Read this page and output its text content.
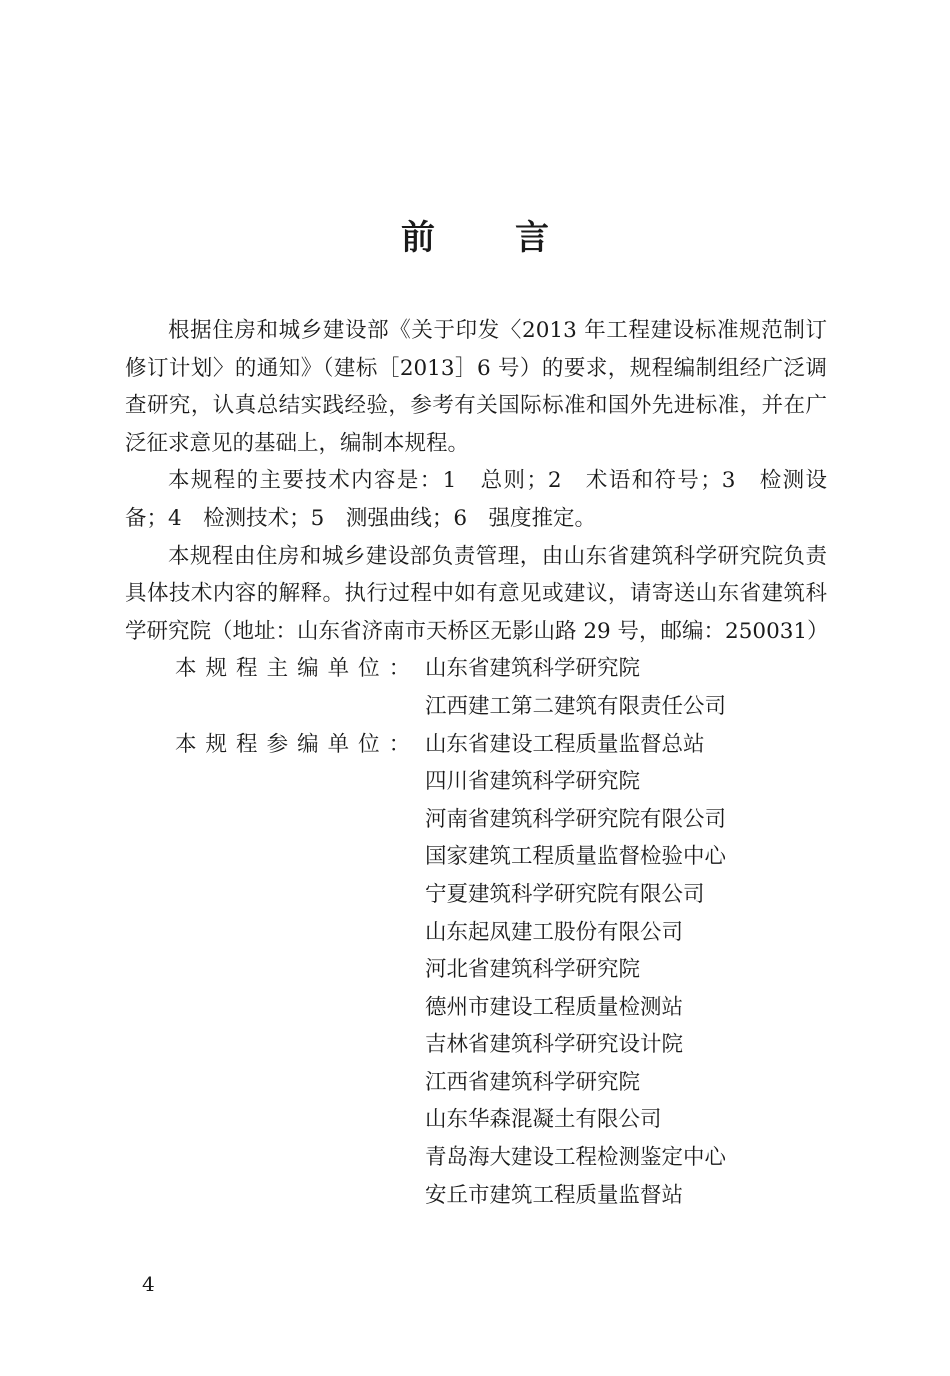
前 言

根据住房和城乡建设部《关于印发〈2013 年工程建设标准规范制订修订计划〉的通知》（建标［2013］6 号）的要求，规程编制组经广泛调查研究，认真总结实践经验，参考有关国际标准和国外先进标准，并在广泛征求意见的基础上，编制本规程。

本规程的主要技术内容是：1　总则；2　术语和符号；3　检测设备；4　检测技术；5　测强曲线；6　强度推定。

本规程由住房和城乡建设部负责管理，由山东省建筑科学研究院负责具体技术内容的解释。执行过程中如有意见或建议，请寄送山东省建筑科学研究院（地址：山东省济南市天桥区无影山路 29 号，邮编：250031）

本规程主编单位： 山东省建筑科学研究院
江西建工第二建筑有限责任公司
本规程参编单位： 山东省建设工程质量监督总站
四川省建筑科学研究院
河南省建筑科学研究院有限公司
国家建筑工程质量监督检验中心
宁夏建筑科学研究院有限公司
山东起凤建工股份有限公司
河北省建筑科学研究院
德州市建设工程质量检测站
吉林省建筑科学研究设计院
江西省建筑科学研究院
山东华森混凝土有限公司
青岛海大建设工程检测鉴定中心
安丘市建筑工程质量监督站
4
